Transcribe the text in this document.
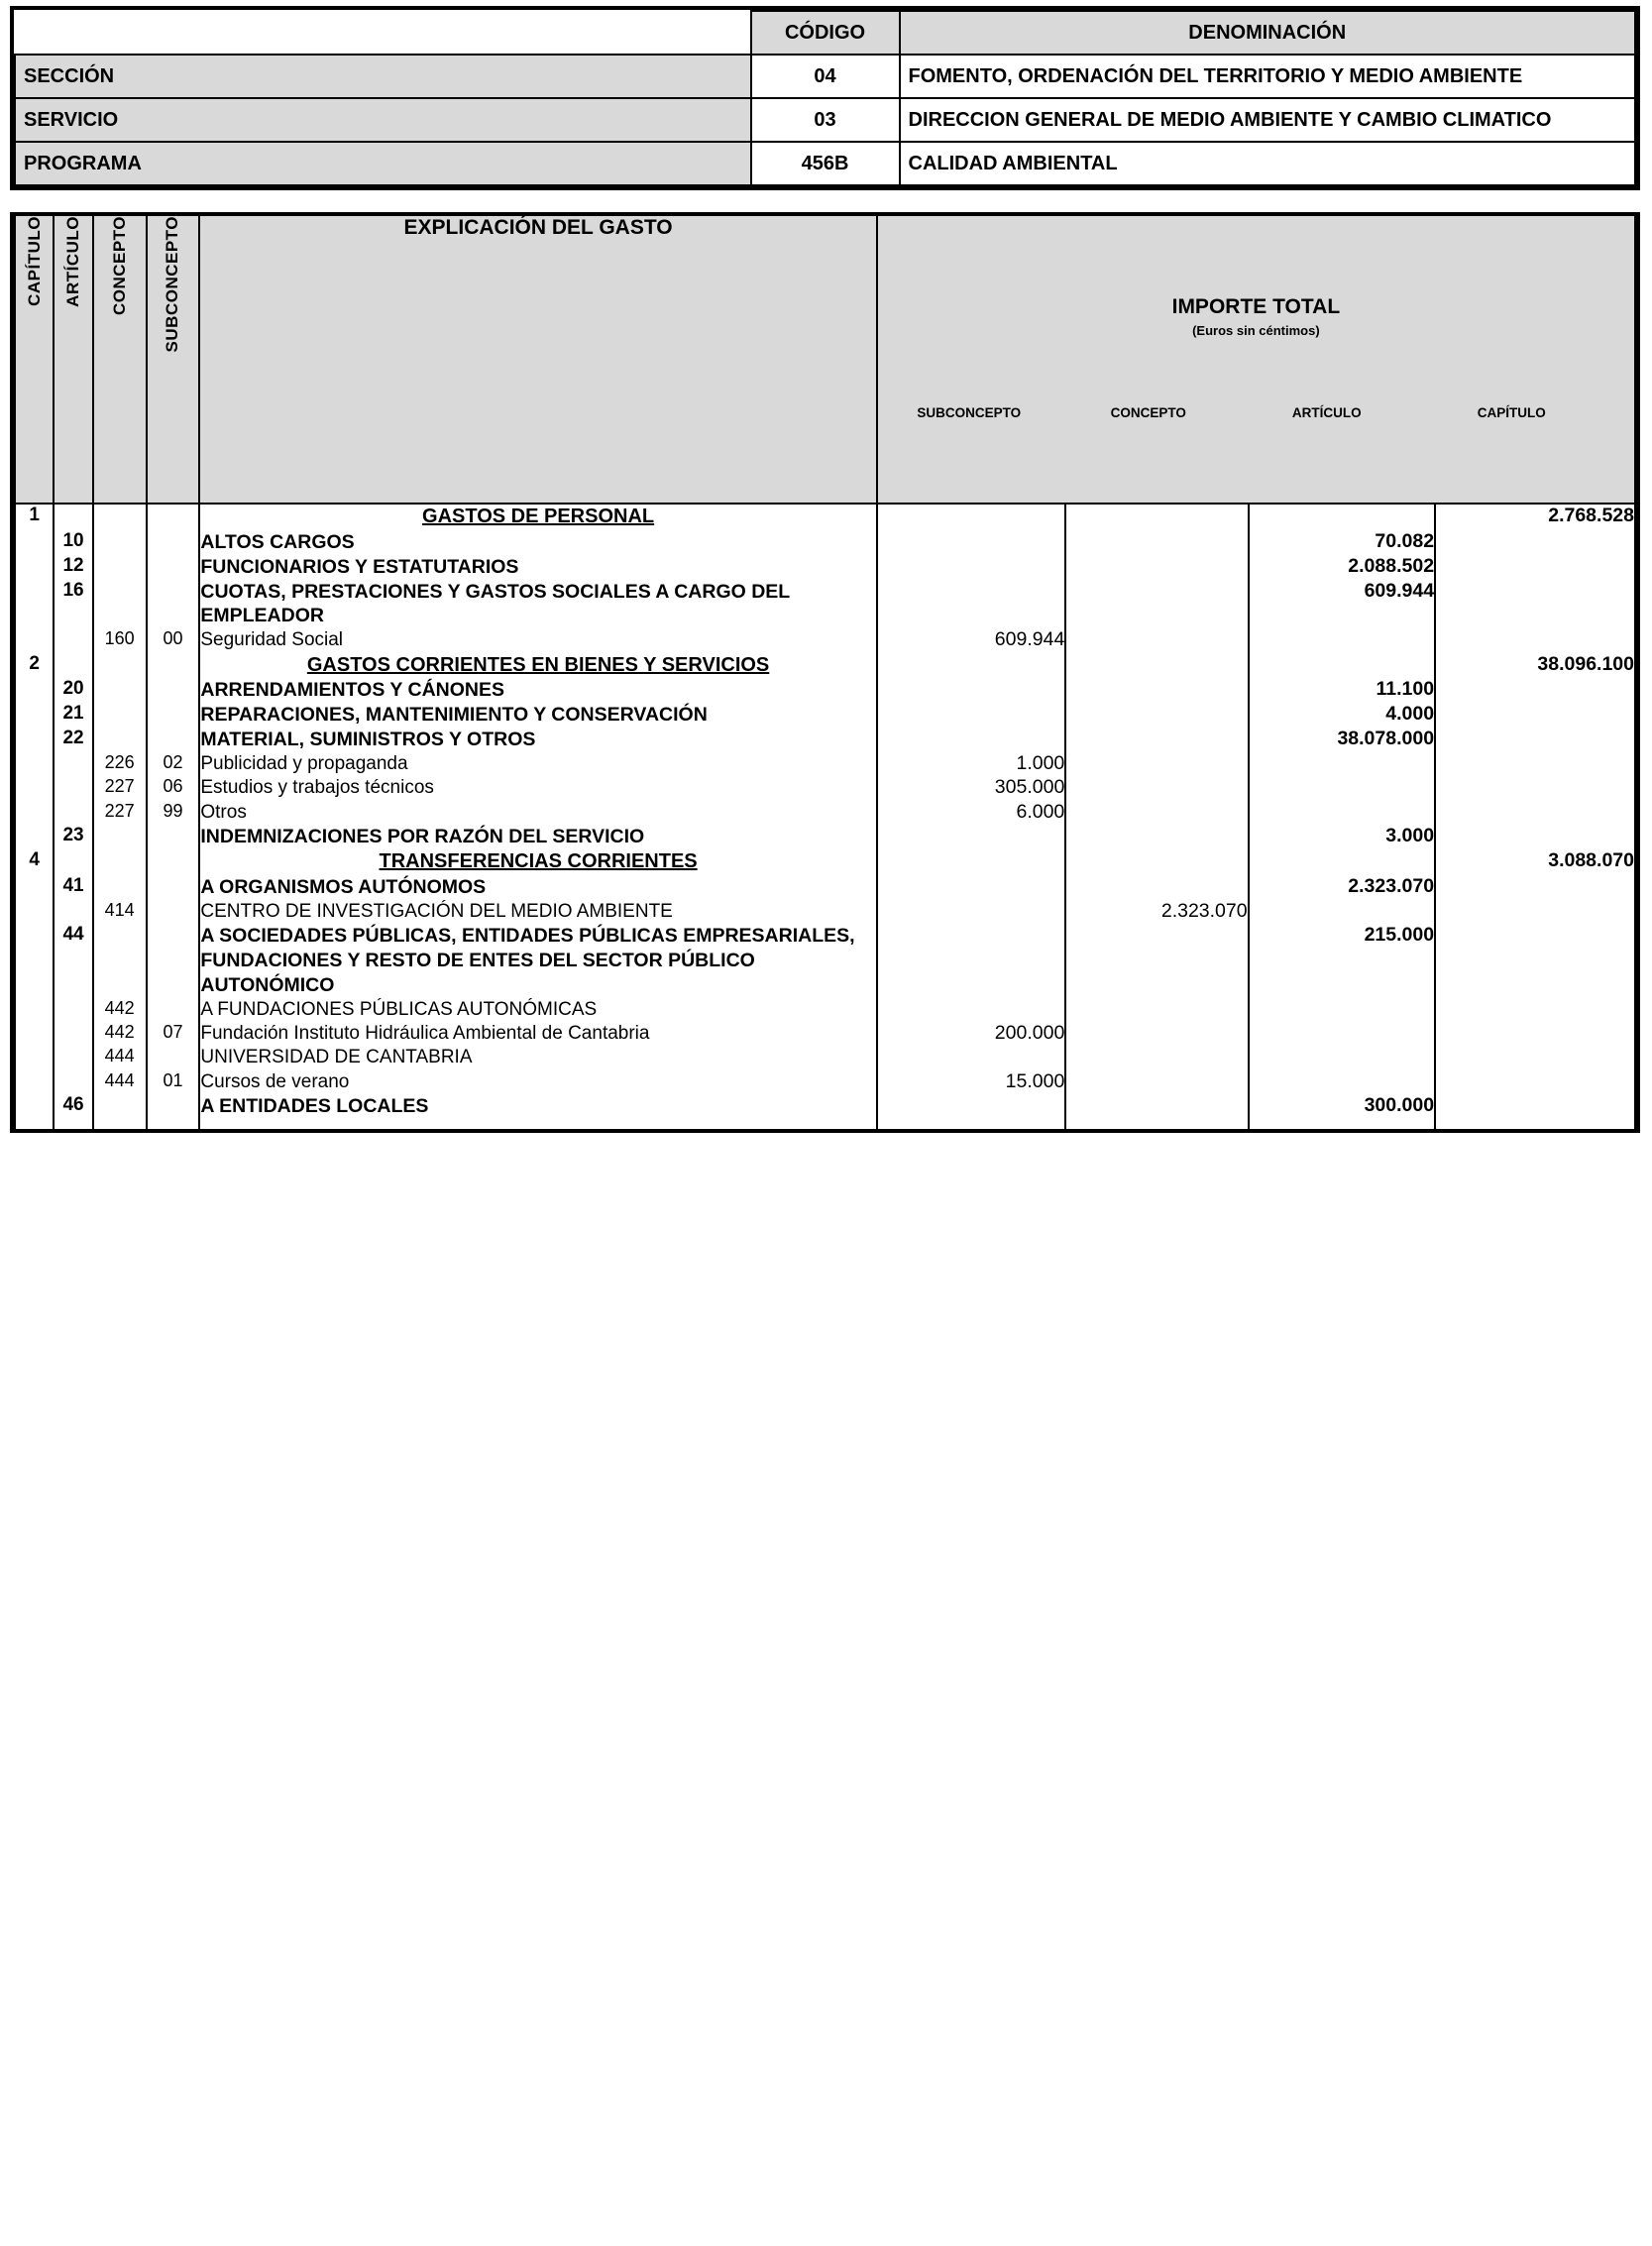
	CÓDIGO	DENOMINACIÓN
SECCIÓN	04	FOMENTO, ORDENACIÓN DEL TERRITORIO Y MEDIO AMBIENTE
SERVICIO	03	DIRECCION GENERAL DE MEDIO AMBIENTE Y CAMBIO CLIMATICO
PROGRAMA	456B	CALIDAD AMBIENTAL
CAPÍTULO	ARTÍCULO	CONCEPTO	SUBCONCEPTO	EXPLICACIÓN DEL GASTO	
IMPORTE TOTAL
(Euros sin céntimos)
SUBCONCEPTO	CONCEPTO	ARTÍCULO	CAPÍTULO

1				GASTOS DE PERSONAL				2.768.528
	10			ALTOS CARGOS			70.082	
	12			FUNCIONARIOS Y ESTATUTARIOS			2.088.502	
	16			CUOTAS, PRESTACIONES Y GASTOS SOCIALES A CARGO DEL EMPLEADOR			609.944	
		160	00	Seguridad Social	609.944			
2				GASTOS CORRIENTES EN BIENES Y SERVICIOS				38.096.100
	20			ARRENDAMIENTOS Y CÁNONES			11.100	
	21			REPARACIONES, MANTENIMIENTO Y CONSERVACIÓN			4.000	
	22			MATERIAL, SUMINISTROS Y OTROS			38.078.000	
		226	02	Publicidad y propaganda	1.000			
		227	06	Estudios y trabajos técnicos	305.000			
		227	99	Otros	6.000			
	23			INDEMNIZACIONES POR RAZÓN DEL SERVICIO			3.000	
4				TRANSFERENCIAS CORRIENTES				3.088.070
	41			A ORGANISMOS AUTÓNOMOS			2.323.070	
		414		CENTRO DE INVESTIGACIÓN DEL MEDIO AMBIENTE		2.323.070		
	44			A SOCIEDADES PÚBLICAS, ENTIDADES PÚBLICAS EMPRESARIALES, FUNDACIONES Y RESTO DE ENTES DEL SECTOR PÚBLICO AUTONÓMICO			215.000	
		442		A FUNDACIONES PÚBLICAS AUTONÓMICAS				
		442	07	Fundación Instituto Hidráulica Ambiental de Cantabria	200.000			
		444		UNIVERSIDAD DE CANTABRIA				
		444	01	Cursos de verano	15.000			
	46			A ENTIDADES LOCALES			300.000	
